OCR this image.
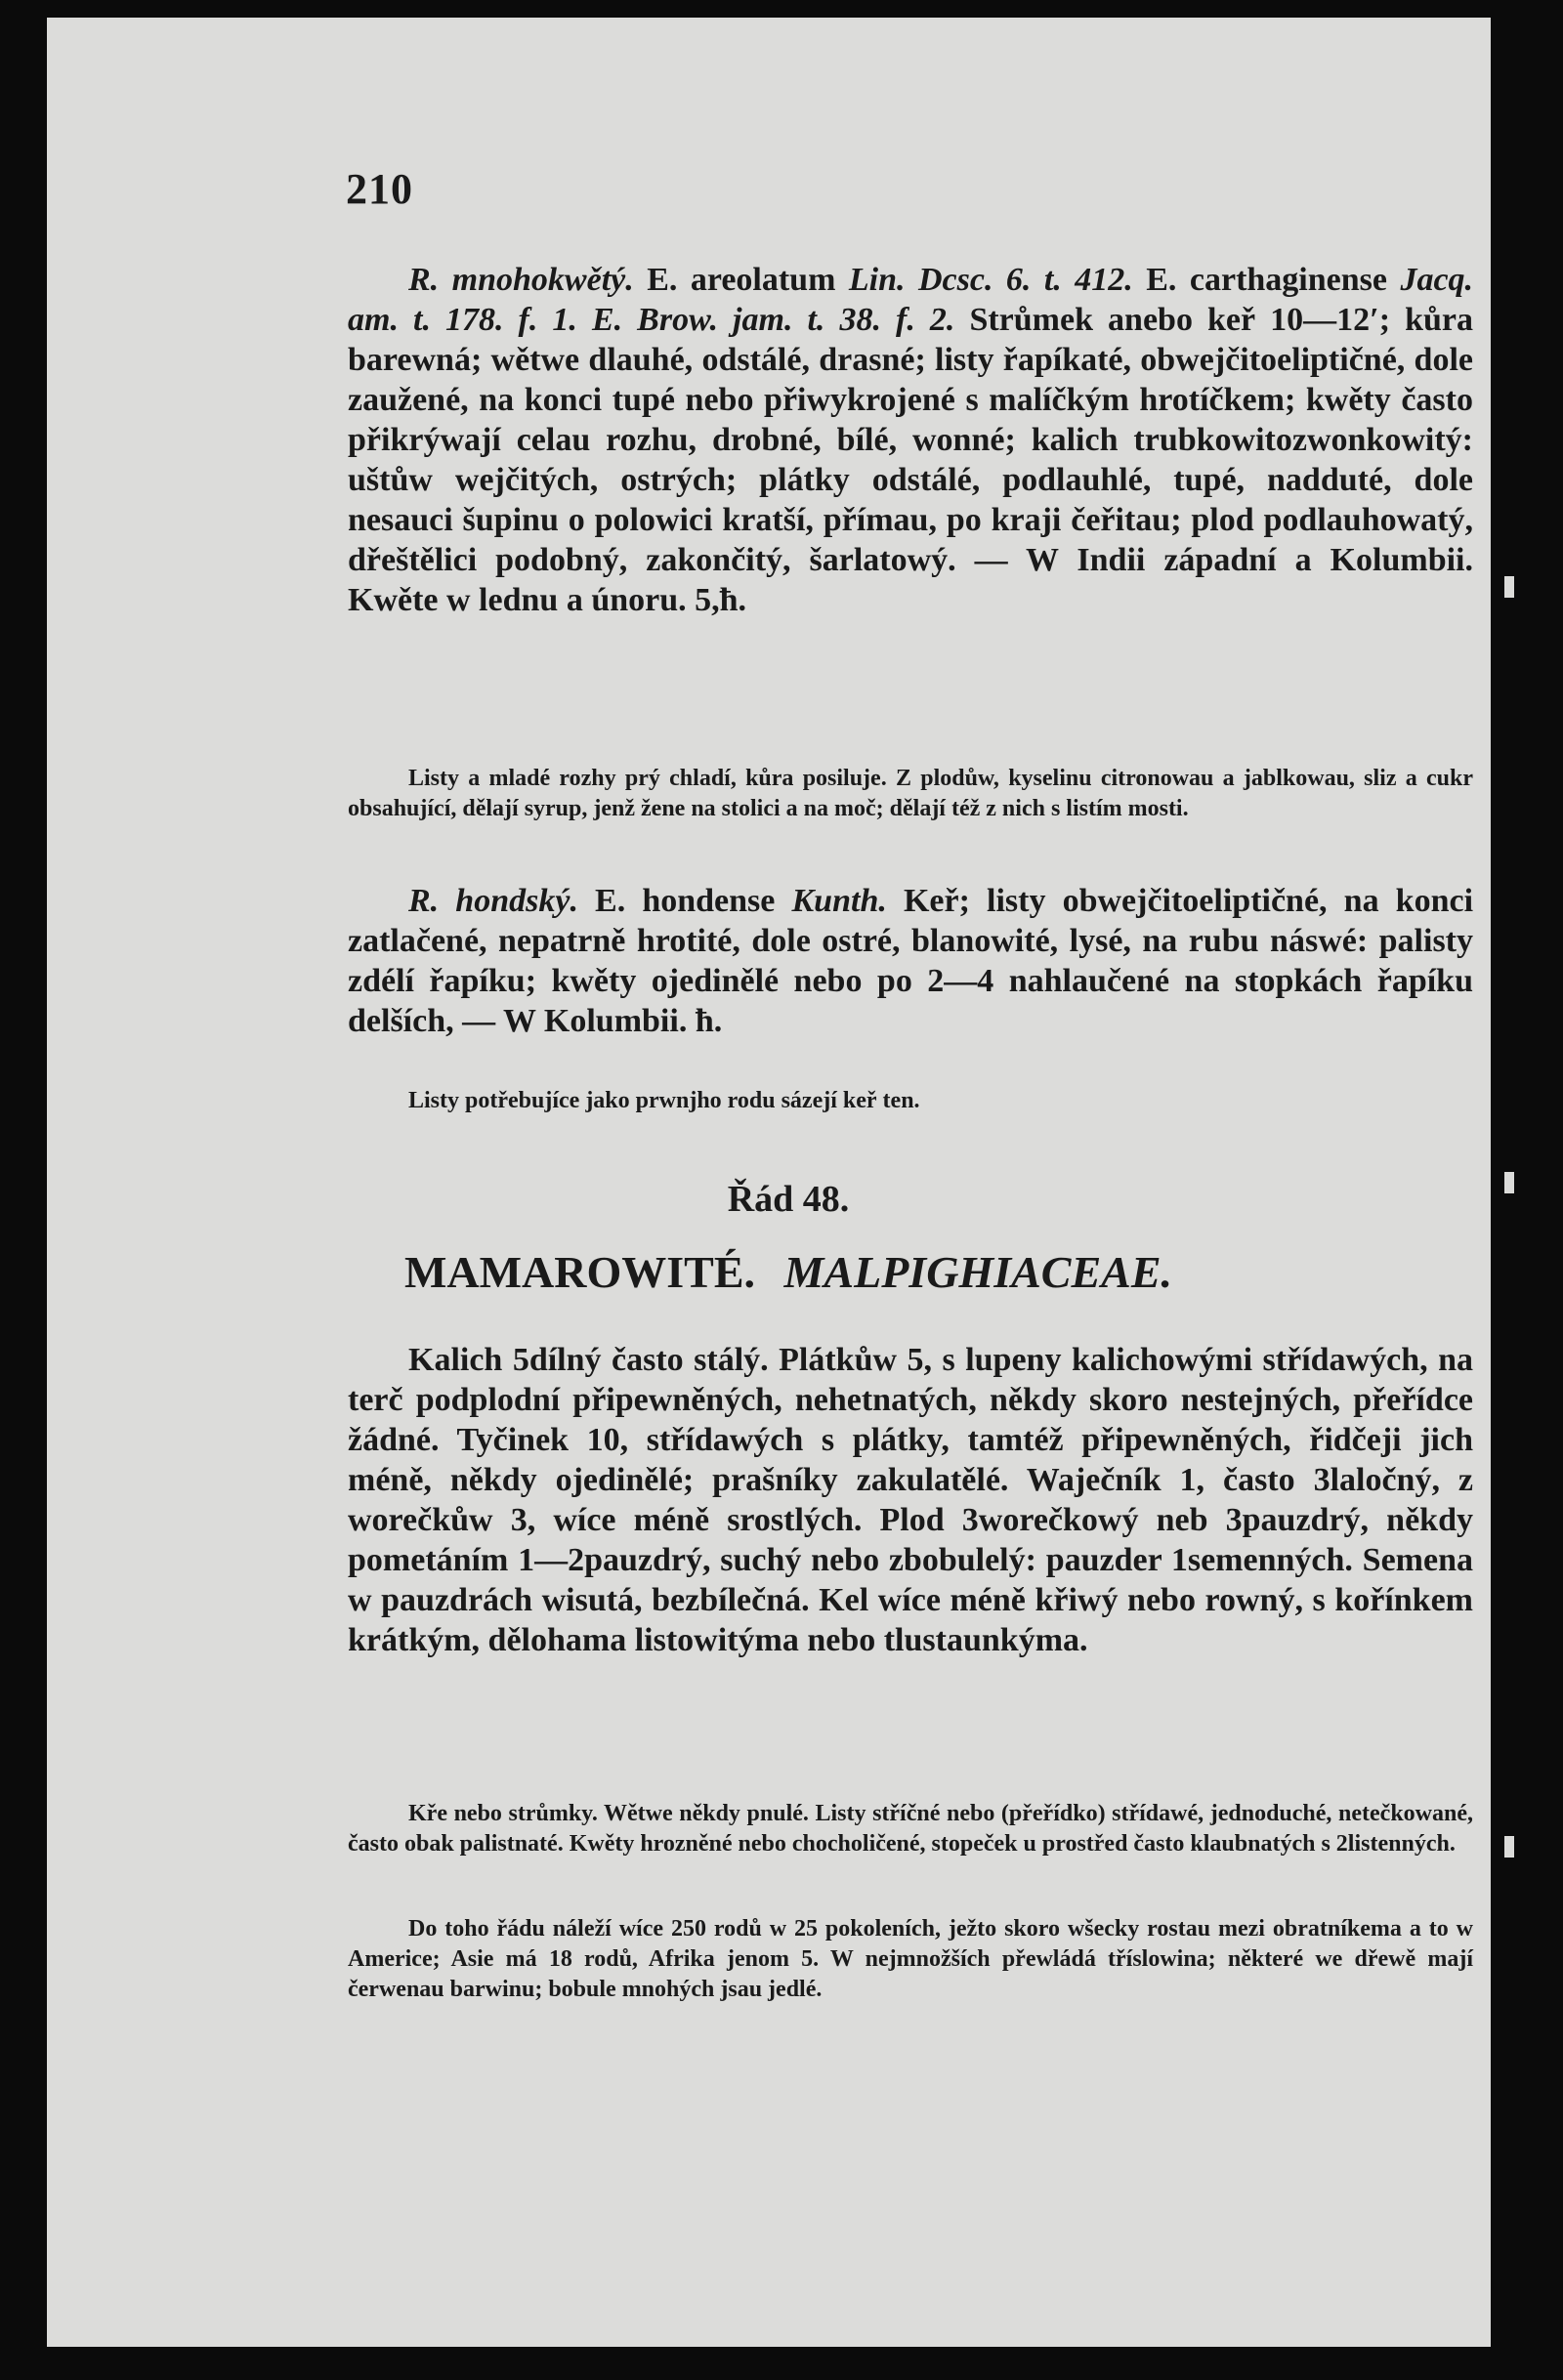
210

R. mnohokwětý. E. areolatum Lin. Dcsc. 6. t. 412. E. carthaginense Jacq. am. t. 178. f. 1. E. Brow. jam. t. 38. f. 2. Strůmek anebo keř 10—12′; kůra barewná; wětwe dlauhé, odstálé, drasné; listy řapíkaté, obwejčitoeliptičné, dole zaužené, na konci tupé nebo přiwykrojené s malíčkým hrotíčkem; kwěty často přikrýwají celau rozhu, drobné, bílé, wonné; kalich trubkowitozwonkowitý: uštůw wejčitých, ostrých; plátky odstálé, podlauhlé, tupé, nadduté, dole nesauci šupinu o polowici kratší, přímau, po kraji čeřitau; plod podlauhowatý, dřeštělici podobný, zakončitý, šarlatowý. — W Indii západní a Kolumbii. Kwěte w lednu a únoru. 5,ħ.

Listy a mladé rozhy prý chladí, kůra posiluje. Z plodůw, kyselinu citronowau a jablkowau, sliz a cukr obsahující, dělají syrup, jenž žene na stolici a na moč; dělají též z nich s listím mosti.

R. hondský. E. hondense Kunth. Keř; listy obwejčitoeliptičné, na konci zatlačené, nepatrně hrotité, dole ostré, blanowité, lysé, na rubu náswé: palisty zdélí řapíku; kwěty ojedinělé nebo po 2—4 nahlaučené na stopkách řapíku delších, — W Kolumbii. ħ.

Listy potřebujíce jako prwnjho rodu sázejí keř ten.

Řád 48.
MAMAROWITÉ. MALPIGHIACEAE.

Kalich 5dílný často stálý. Plátkůw 5, s lupeny kalichowými střídawých, na terč podplodní připewněných, nehetnatých, někdy skoro nestejných, přeřídce žádné. Tyčinek 10, střídawých s plátky, tamtéž připewněných, řidčeji jich méně, někdy ojedinělé; prašníky zakulatělé. Waječník 1, často 3laločný, z worečkůw 3, wíce méně srostlých. Plod 3worečkowý neb 3pauzdrý, někdy pometáním 1—2pauzdrý, suchý nebo zbobulelý: pauzder 1semenných. Semena w pauzdrách wisutá, bezbílečná. Kel wíce méně křiwý nebo rowný, s kořínkem krátkým, dělohama listowitýma nebo tlustaunkýma.

Kře nebo strůmky. Wětwe někdy pnulé. Listy stříčné nebo (přeřídko) střídawé, jednoduché, netečkowané, často obak palistnaté. Kwěty hrozněné nebo chocholičené, stopeček u prostřed často klaubnatých s 2listenných.

Do toho řádu náleží wíce 250 rodů w 25 pokoleních, ježto skoro wšecky rostau mezi obratníkema a to w Americe; Asie má 18 rodů, Afrika jenom 5. W nejmnožších přewládá tříslowina; některé we dřewě mají čerwenau barwinu; bobule mnohých jsau jedlé.
